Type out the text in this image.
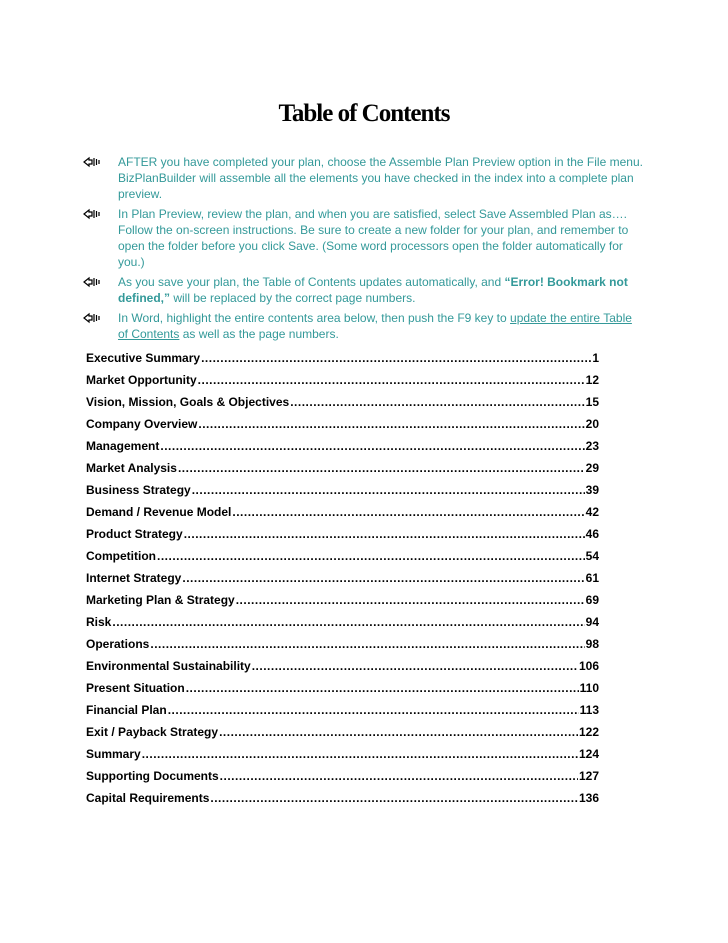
Table of Contents
AFTER you have completed your plan, choose the Assemble Plan Preview option in the File menu. BizPlanBuilder will assemble all the elements you have checked in the index into a complete plan preview.
In Plan Preview, review the plan, and when you are satisfied, select Save Assembled Plan as…. Follow the on-screen instructions. Be sure to create a new folder for your plan, and remember to open the folder before you click Save. (Some word processors open the folder automatically for you.)
As you save your plan, the Table of Contents updates automatically, and “Error! Bookmark not defined,” will be replaced by the correct page numbers.
In Word, highlight the entire contents area below, then push the F9 key to update the entire Table of Contents as well as the page numbers.
Executive Summary .....	1
Market Opportunity .....	12
Vision, Mission, Goals & Objectives .....	15
Company Overview .....	20
Management .....	23
Market Analysis .....	29
Business Strategy .....	39
Demand / Revenue Model .....	42
Product Strategy .....	46
Competition .....	54
Internet Strategy .....	61
Marketing Plan & Strategy .....	69
Risk .....	94
Operations .....	98
Environmental Sustainability .....	106
Present Situation .....	110
Financial Plan .....	113
Exit / Payback Strategy .....	122
Summary .....	124
Supporting Documents .....	127
Capital Requirements .....	136
